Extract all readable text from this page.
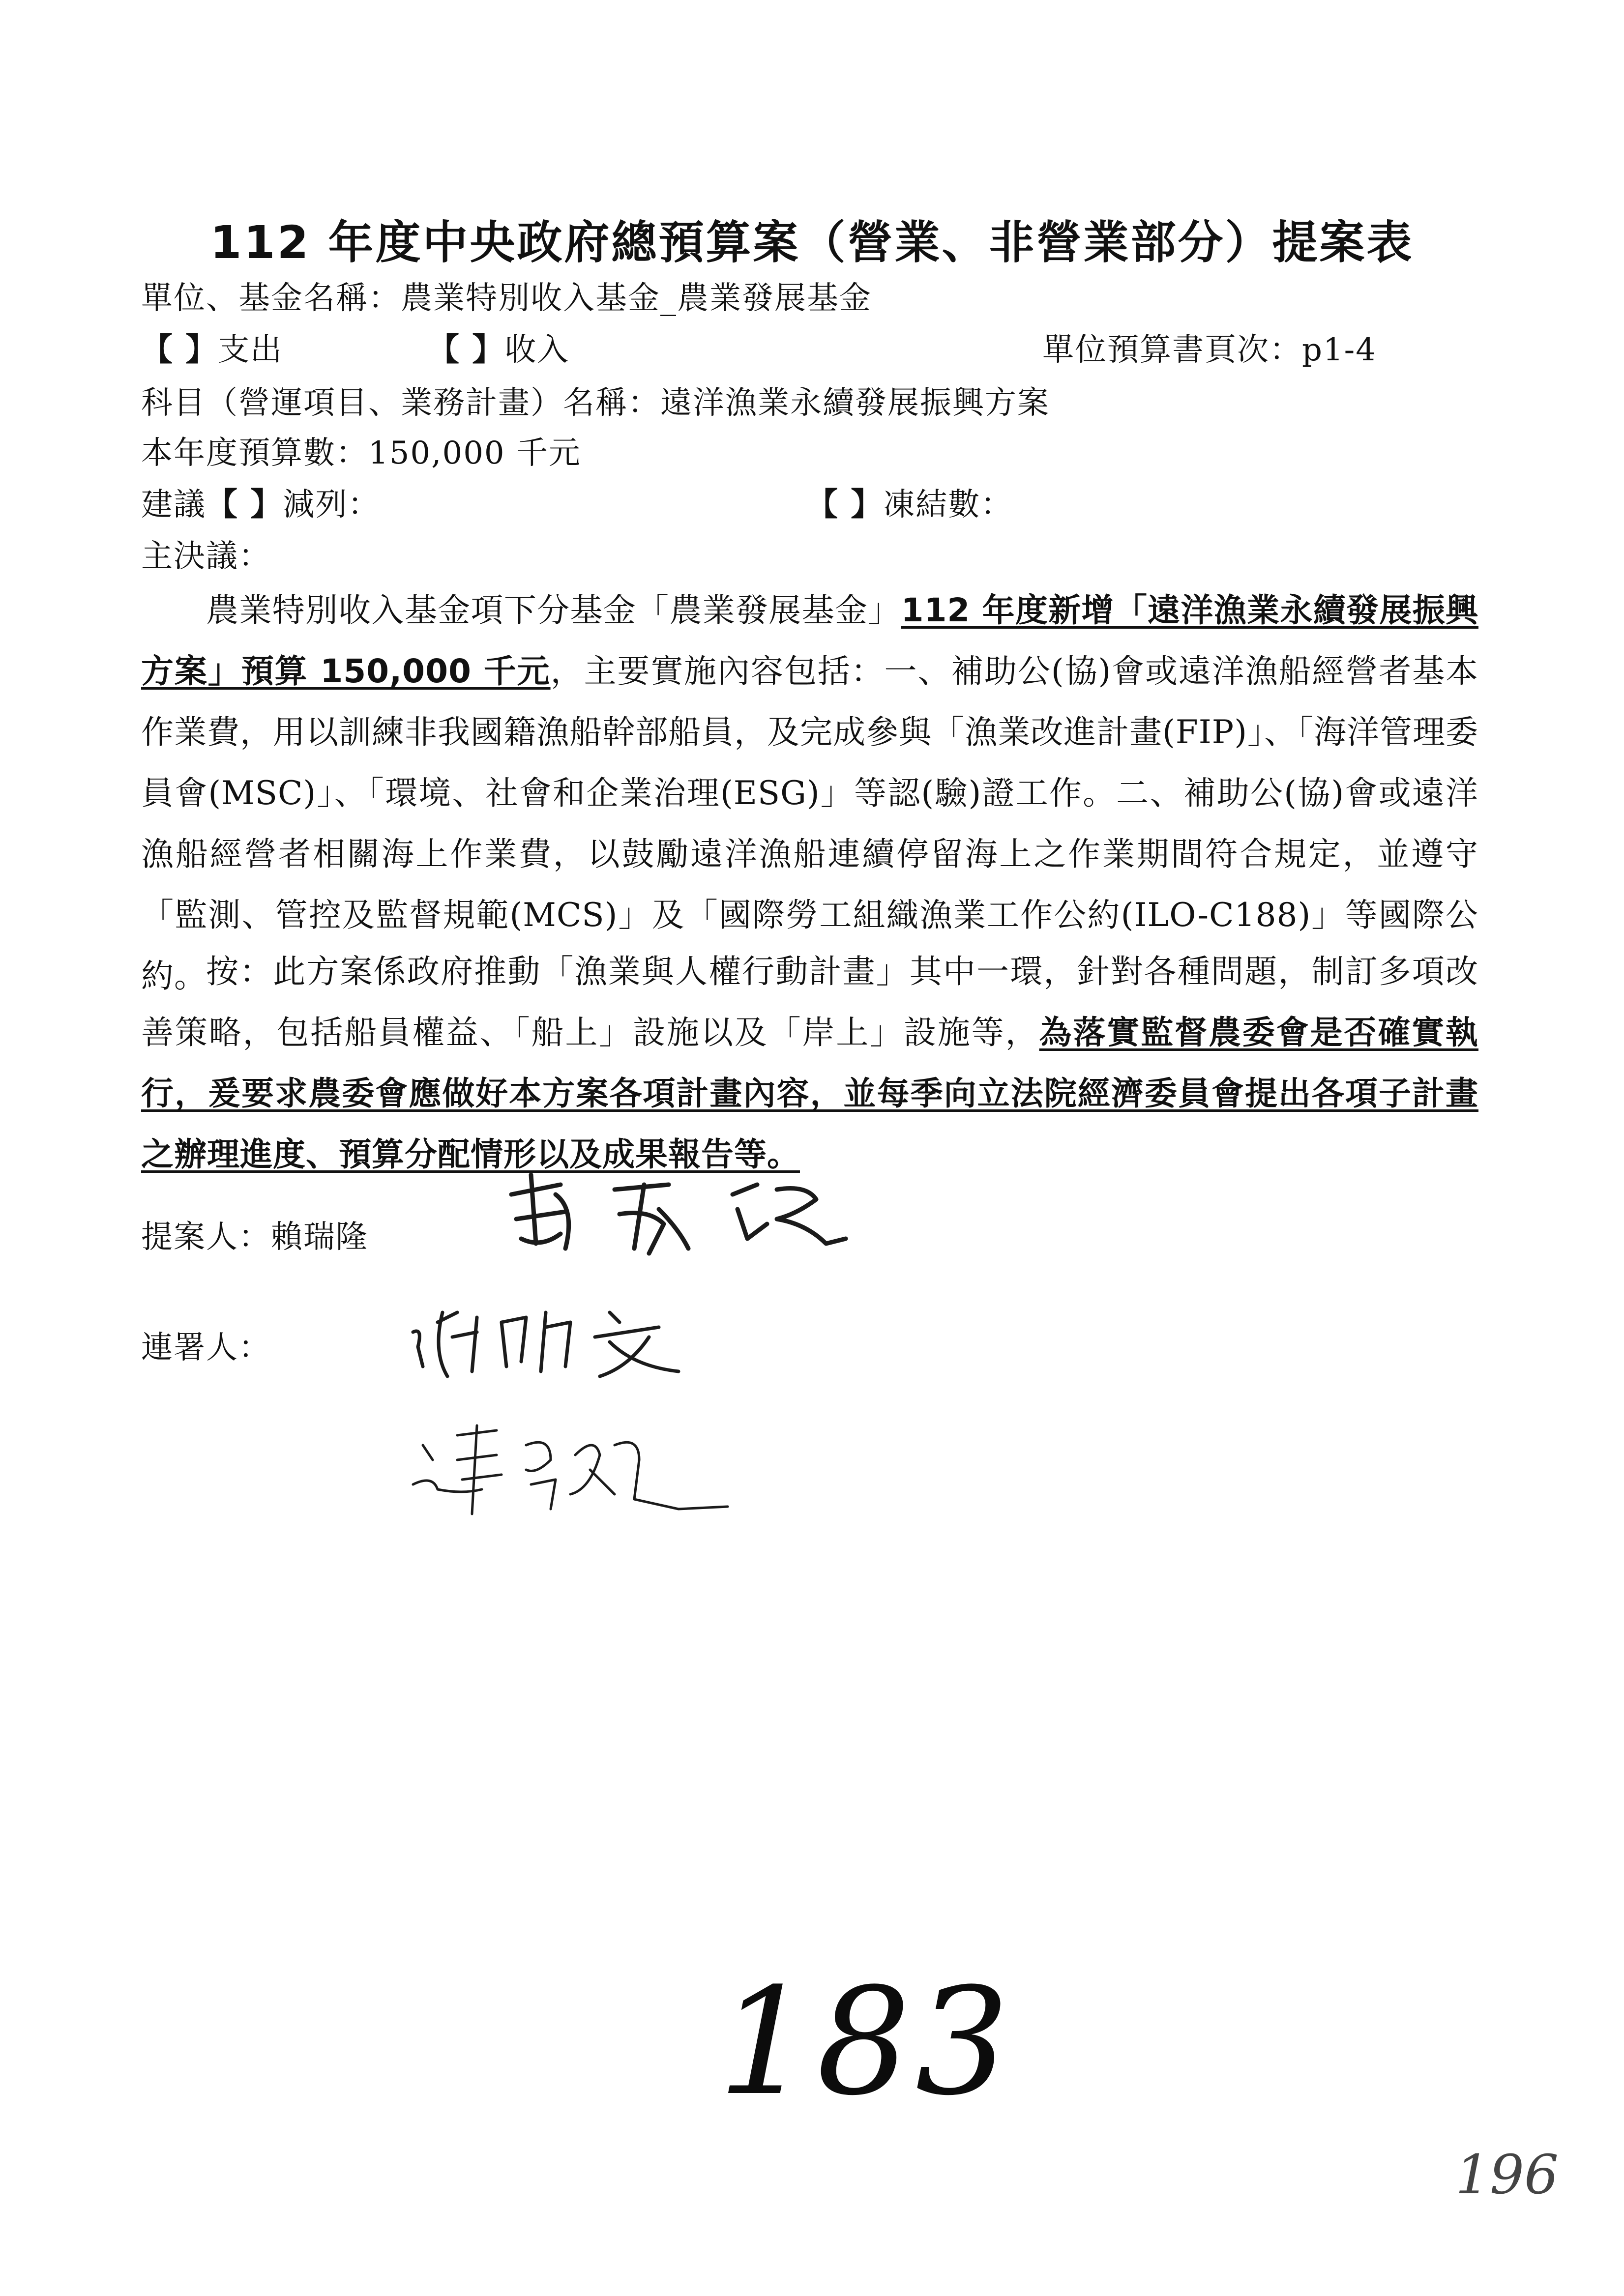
112 年度中央政府總預算案（營業、非營業部分）提案表
單位、基金名稱：農業特別收入基金_農業發展基金
【 】支出	【 】收入	單位預算書頁次：p1-4
科目（營運項目、業務計畫）名稱：遠洋漁業永續發展振興方案
本年度預算數：150,000 千元
建議【 】減列：	【 】凍結數：
主決議：
農業特別收入基金項下分基金「農業發展基金」112 年度新增「遠洋漁業永續發展振興方案」預算 150,000 千元，主要實施內容包括：一、補助公(協)會或遠洋漁船經營者基本作業費，用以訓練非我國籍漁船幹部船員，及完成參與「漁業改進計畫(FIP)」、「海洋管理委員會(MSC)」、「環境、社會和企業治理(ESG)」等認(驗)證工作。二、補助公(協)會或遠洋漁船經營者相關海上作業費，以鼓勵遠洋漁船連續停留海上之作業期間符合規定，並遵守「監測、管控及監督規範(MCS)」及「國際勞工組織漁業工作公約(ILO-C188)」等國際公約。
按：此方案係政府推動「漁業與人權行動計畫」其中一環，針對各種問題，制訂多項改善策略，包括船員權益、「船上」設施以及「岸上」設施等，為落實監督農委會是否確實執行，爰要求農委會應做好本方案各項計畫內容，並每季向立法院經濟委員會提出各項子計畫之辦理進度、預算分配情形以及成果報告等。
提案人：賴瑞隆
連署人：
183
196
